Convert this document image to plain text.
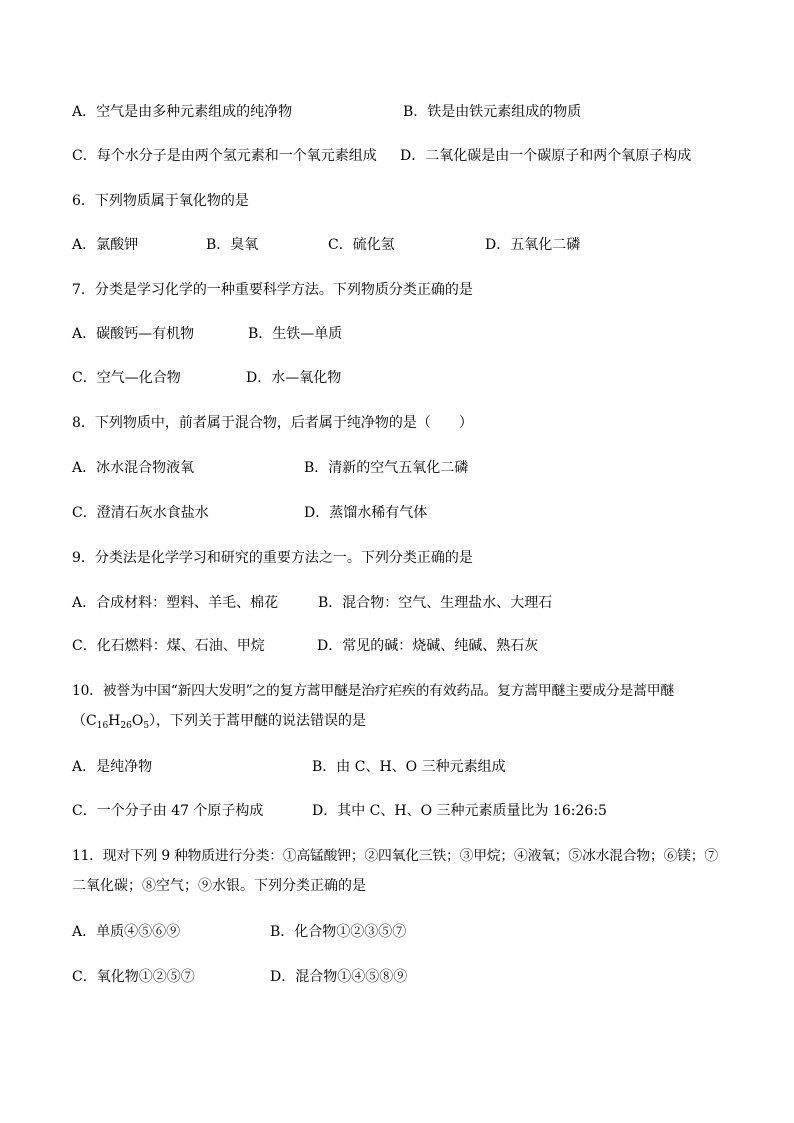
A．空气是由多种元素组成的纯净物	B．铁是由铁元素组成的物质
C．每个水分子是由两个氢元素和一个氧元素组成 D．二氧化碳是由一个碳原子和两个氧原子构成
6．下列物质属于氧化物的是
A．氯酸钾	B．臭氧	C．硫化氢	D．五氧化二磷
7．分类是学习化学的一种重要科学方法。下列物质分类正确的是
A．碳酸钙—有机物	B．生铁—单质
C．空气—化合物	D．水—氧化物
8．下列物质中，前者属于混合物，后者属于纯净物的是（　　）
A．冰水混合物液氧	B．清新的空气五氧化二磷
C．澄清石灰水食盐水	D．蒸馏水稀有气体
9．分类法是化学学习和研究的重要方法之一。下列分类正确的是
A．合成材料：塑料、羊毛、棉花	B．混合物：空气、生理盐水、大理石
C．化石燃料：煤、石油、甲烷	D．常见的碱：烧碱、纯碱、熟石灰
10．被誉为中国“新四大发明”之的复方蒿甲醚是治疗疟疾的有效药品。复方蒿甲醚主要成分是蒿甲醚
$(C_{16}H_{26}O_5)$，下列关于蒿甲醚的说法错误的是
A．是纯净物	B．由 C、H、O 三种元素组成
C．一个分子由 47 个原子构成	D．其中 C、H、O 三种元素质量比为 16:26:5
11．现对下列 9 种物质进行分类：①高锰酸钾；②四氧化三铁；③甲烷；④液氧；⑤冰水混合物；⑥镁；⑦
二氧化碳；⑧空气；⑨水银。下列分类正确的是
A．单质④⑤⑥⑨	B．化合物①②③⑤⑦
C．氧化物①②⑤⑦	D．混合物①④⑤⑧⑨
